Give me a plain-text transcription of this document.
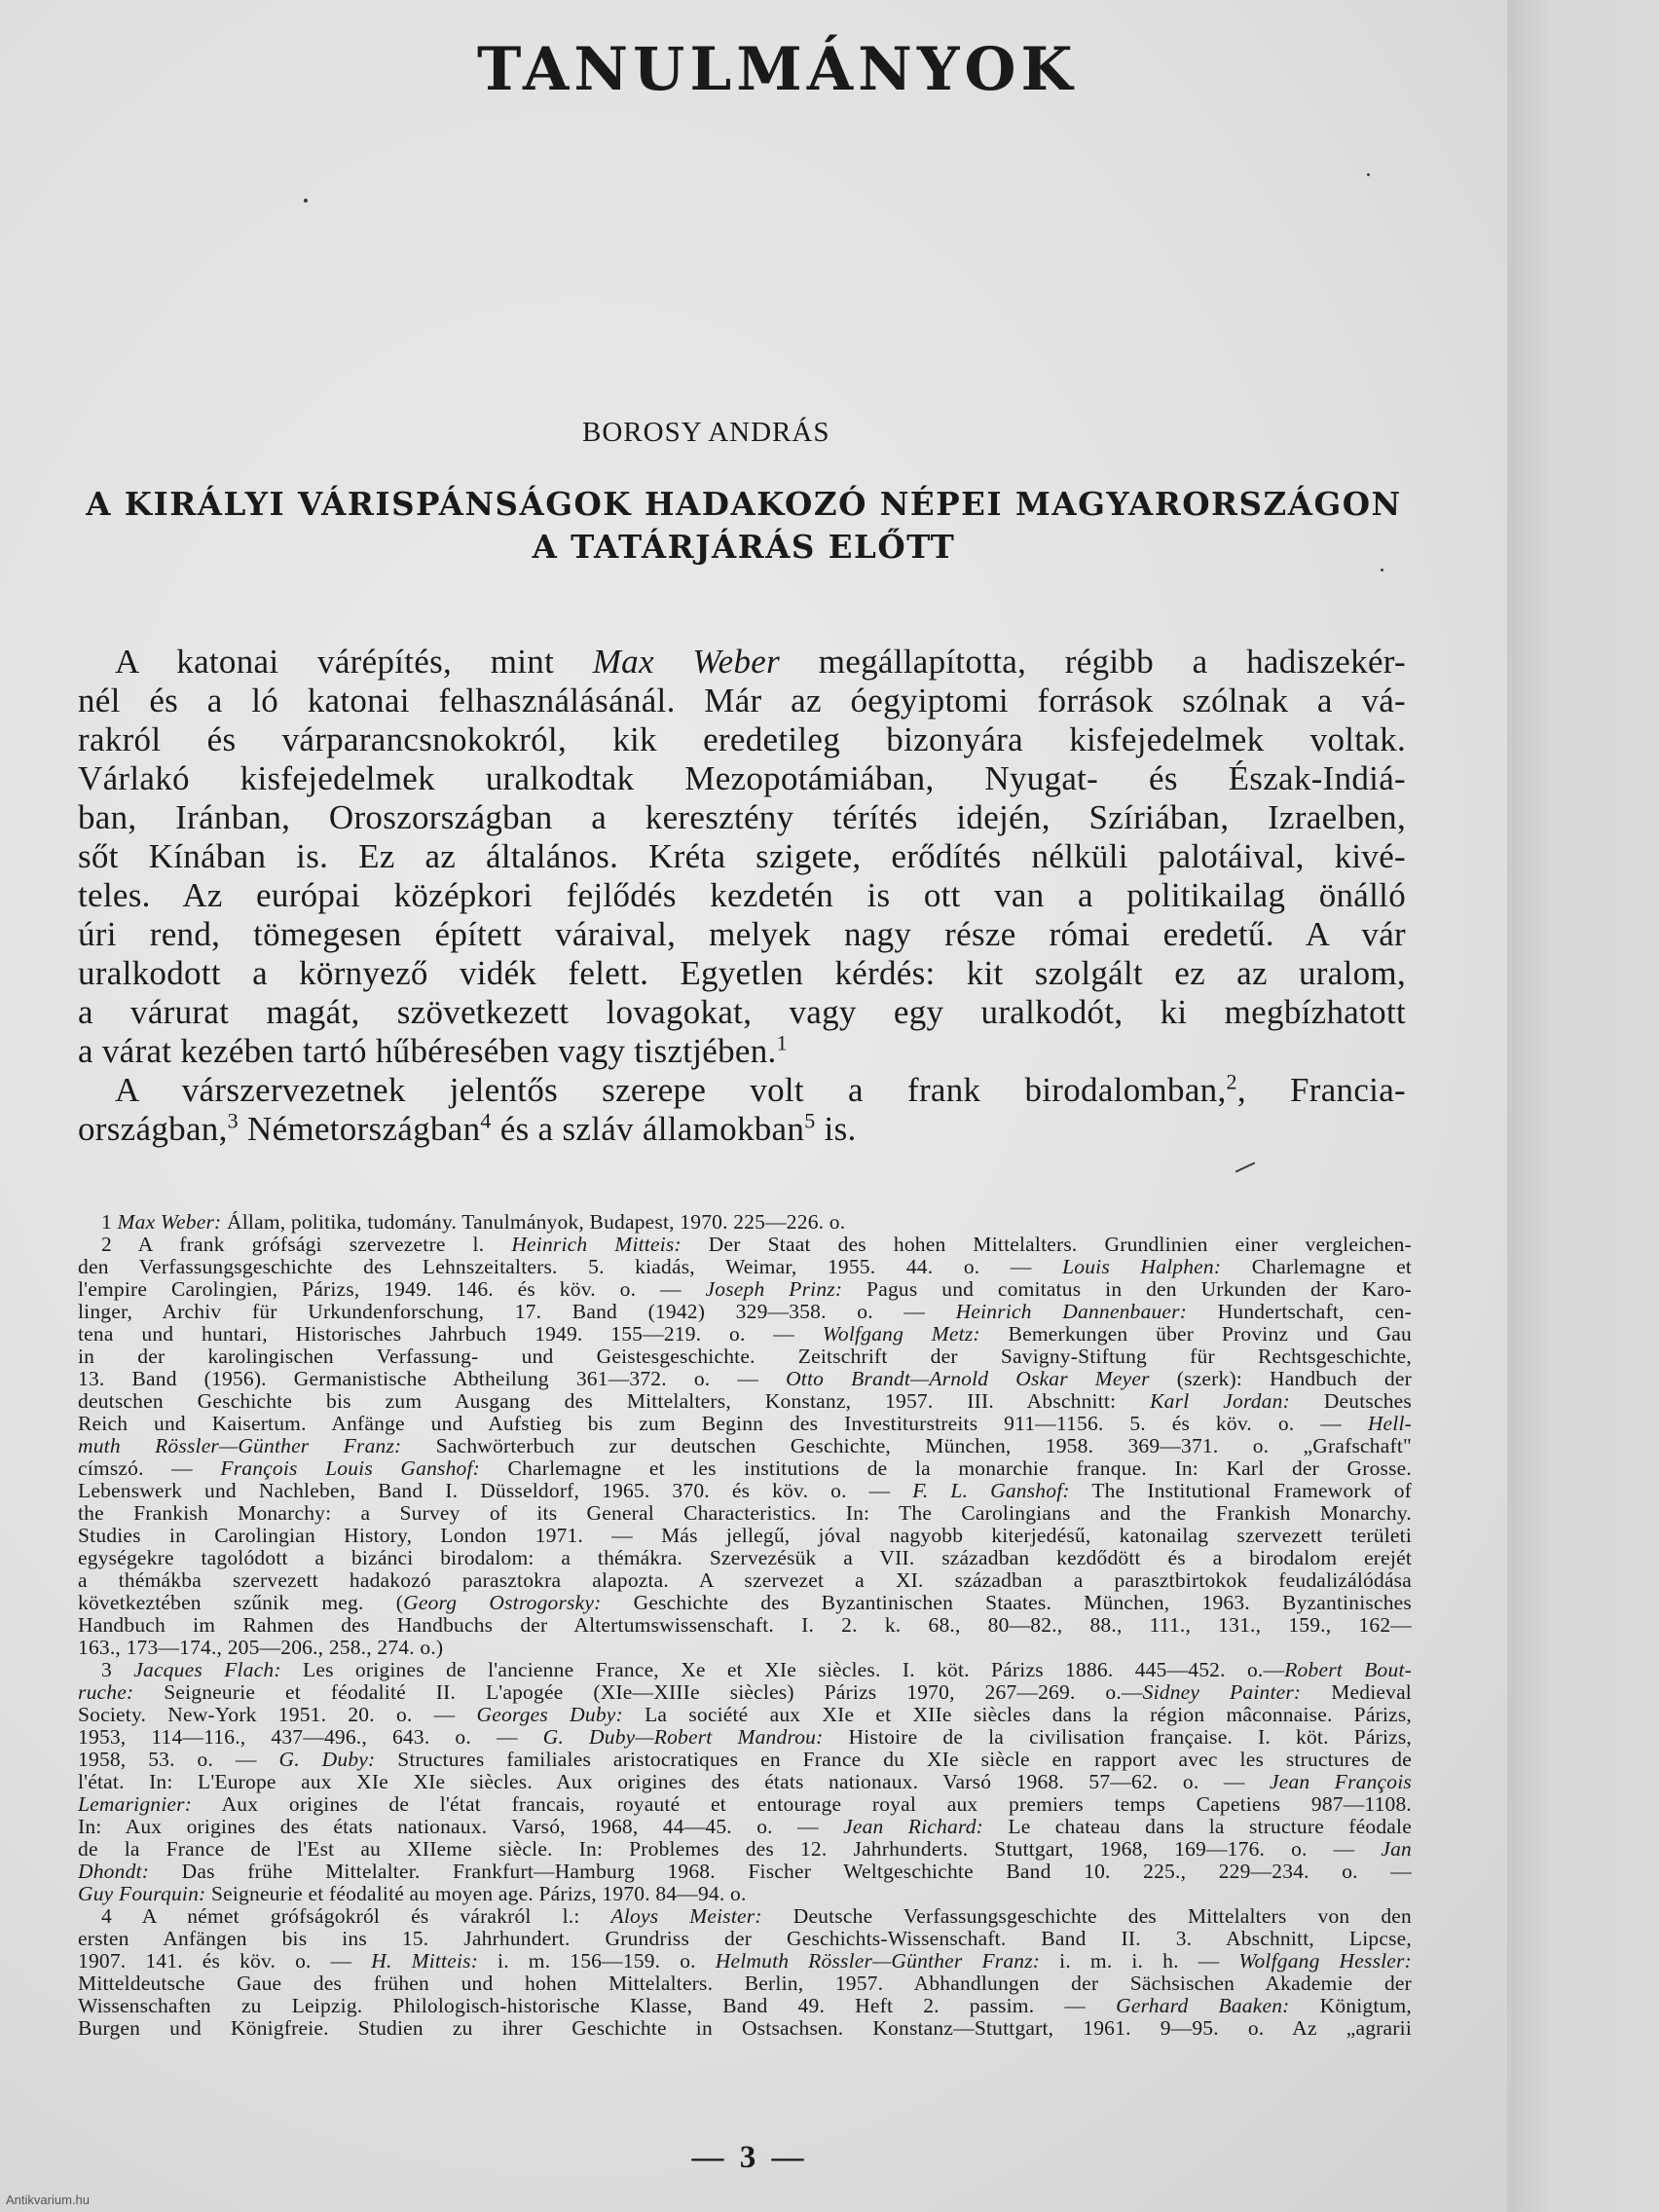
TANULMÁNYOK
BOROSY ANDRÁS
A KIRÁLYI VÁRISPÁNSÁGOK HADAKOZÓ NÉPEI MAGYARORSZÁGON
A TATÁRJÁRÁS ELŐTT
A katonai várépítés, mint Max Weber megállapította, régibb a hadiszekér-
nél és a ló katonai felhasználásánál. Már az óegyiptomi források szólnak a vá-
rakról és várparancsnokokról, kik eredetileg bizonyára kisfejedelmek voltak.
Várlakó kisfejedelmek uralkodtak Mezopotámiában, Nyugat- és Észak-Indiá-
ban, Iránban, Oroszországban a keresztény térítés idején, Szíriában, Izraelben,
sőt Kínában is. Ez az általános. Kréta szigete, erődítés nélküli palotáival, kivé-
teles. Az európai középkori fejlődés kezdetén is ott van a politikailag önálló
úri rend, tömegesen épített váraival, melyek nagy része római eredetű. A vár
uralkodott a környező vidék felett. Egyetlen kérdés: kit szolgált ez az uralom,
a várurat magát, szövetkezett lovagokat, vagy egy uralkodót, ki megbízhatott
a várat kezében tartó hűbéresében vagy tisztjében.$^1$
A várszervezetnek jelentős szerepe volt a frank birodalomban,$^2$, Francia-
országban,$^3$ Németországban$^4$ és a szláv államokban$^5$ is.
1 Max Weber: Állam, politika, tudomány. Tanulmányok, Budapest, 1970. 225—226. o.
2 A frank grófsági szervezetre l. Heinrich Mitteis: Der Staat des hohen Mittelalters. Grundlinien einer vergleichen-
den Verfassungsgeschichte des Lehnszeitalters. 5. kiadás, Weimar, 1955. 44. o. — Louis Halphen: Charlemagne et
l'empire Carolingien, Párizs, 1949. 146. és köv. o. — Joseph Prinz: Pagus und comitatus in den Urkunden der Karo-
linger, Archiv für Urkundenforschung, 17. Band (1942) 329—358. o. — Heinrich Dannenbauer: Hundertschaft, cen-
tena und huntari, Historisches Jahrbuch 1949. 155—219. o. — Wolfgang Metz: Bemerkungen über Provinz und Gau
in der karolingischen Verfassung- und Geistesgeschichte. Zeitschrift der Savigny-Stiftung für Rechtsgeschichte,
13. Band (1956). Germanistische Abtheilung 361—372. o. — Otto Brandt—Arnold Oskar Meyer (szerk): Handbuch der
deutschen Geschichte bis zum Ausgang des Mittelalters, Konstanz, 1957. III. Abschnitt: Karl Jordan: Deutsches
Reich und Kaisertum. Anfänge und Aufstieg bis zum Beginn des Investiturstreits 911—1156. 5. és köv. o. — Hell-
muth Rössler—Günther Franz: Sachwörterbuch zur deutschen Geschichte, München, 1958. 369—371. o. „Grafschaft"
címszó. — François Louis Ganshof: Charlemagne et les institutions de la monarchie franque. In: Karl der Grosse.
Lebenswerk und Nachleben, Band I. Düsseldorf, 1965. 370. és köv. o. — F. L. Ganshof: The Institutional Framework of
the Frankish Monarchy: a Survey of its General Characteristics. In: The Carolingians and the Frankish Monarchy.
Studies in Carolingian History, London 1971. — Más jellegű, jóval nagyobb kiterjedésű, katonailag szervezett területi
egységekre tagolódott a bizánci birodalom: a thémákra. Szervezésük a VII. században kezdődött és a birodalom erejét
a thémákba szervezett hadakozó parasztokra alapozta. A szervezet a XI. században a parasztbirtokok feudalizálódása
következtében szűnik meg. (Georg Ostrogorsky: Geschichte des Byzantinischen Staates. München, 1963. Byzantinisches
Handbuch im Rahmen des Handbuchs der Altertumswissenschaft. I. 2. k. 68., 80—82., 88., 111., 131., 159., 162—
163., 173—174., 205—206., 258., 274. o.)
3 Jacques Flach: Les origines de l'ancienne France, Xe et XIe siècles. I. köt. Párizs 1886. 445—452. o.—Robert Bout-
ruche: Seigneurie et féodalité II. L'apogée (XIe—XIIIe siècles) Párizs 1970, 267—269. o.—Sidney Painter: Medieval
Society. New-York 1951. 20. o. — Georges Duby: La société aux XIe et XIIe siècles dans la région mâconnaise. Párizs,
1953, 114—116., 437—496., 643. o. — G. Duby—Robert Mandrou: Histoire de la civilisation française. I. köt. Párizs,
1958, 53. o. — G. Duby: Structures familiales aristocratiques en France du XIe siècle en rapport avec les structures de
l'état. In: L'Europe aux XIe XIe siècles. Aux origines des états nationaux. Varsó 1968. 57—62. o. — Jean François
Lemarignier: Aux origines de l'état francais, royauté et entourage royal aux premiers temps Capetiens 987—1108.
In: Aux origines des états nationaux. Varsó, 1968, 44—45. o. — Jean Richard: Le chateau dans la structure féodale
de la France de l'Est au XIIeme siècle. In: Problemes des 12. Jahrhunderts. Stuttgart, 1968, 169—176. o. — Jan
Dhondt: Das frühe Mittelalter. Frankfurt—Hamburg 1968. Fischer Weltgeschichte Band 10. 225., 229—234. o. —
Guy Fourquin: Seigneurie et féodalité au moyen age. Párizs, 1970. 84—94. o.
4 A német grófságokról és várakról l.: Aloys Meister: Deutsche Verfassungsgeschichte des Mittelalters von den
ersten Anfängen bis ins 15. Jahrhundert. Grundriss der Geschichts-Wissenschaft. Band II. 3. Abschnitt, Lipcse,
1907. 141. és köv. o. — H. Mitteis: i. m. 156—159. o. Helmuth Rössler—Günther Franz: i. m. i. h. — Wolfgang Hessler:
Mitteldeutsche Gaue des frühen und hohen Mittelalters. Berlin, 1957. Abhandlungen der Sächsischen Akademie der
Wissenschaften zu Leipzig. Philologisch-historische Klasse, Band 49. Heft 2. passim. — Gerhard Baaken: Königtum,
Burgen und Königfreie. Studien zu ihrer Geschichte in Ostsachsen. Konstanz—Stuttgart, 1961. 9—95. o. Az „agrarii
— 3 —
Antikvarium.hu
